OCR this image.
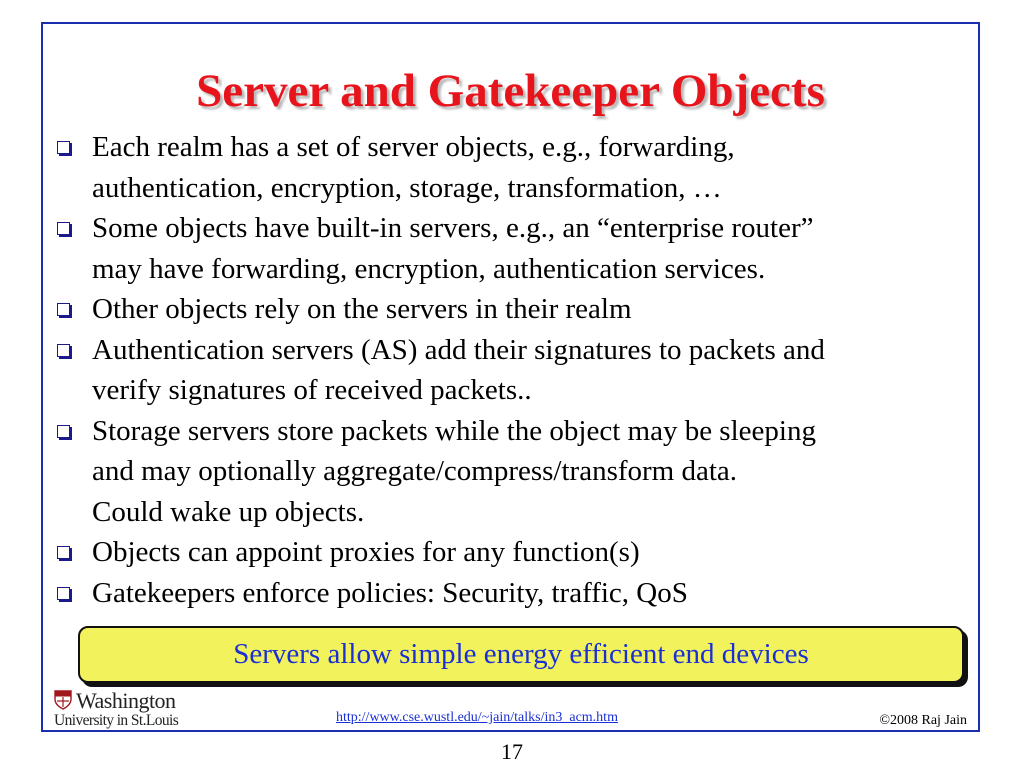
Server and Gatekeeper Objects
Each realm has a set of server objects, e.g., forwarding,
authentication, encryption, storage, transformation, …
Some objects have built-in servers, e.g., an “enterprise router”
may have forwarding, encryption, authentication services.
Other objects rely on the servers in their realm
Authentication servers (AS) add their signatures to packets and
verify signatures of received packets..
Storage servers store packets while the object may be sleeping
and may optionally aggregate/compress/transform data.
Could wake up objects.
Objects can appoint proxies for any function(s)
Gatekeepers enforce policies: Security, traffic, QoS
Servers allow simple energy efficient end devices
Washington
University in St.Louis	http://www.cse.wustl.edu/~jain/talks/in3_acm.htm	©2008 Raj Jain
17
